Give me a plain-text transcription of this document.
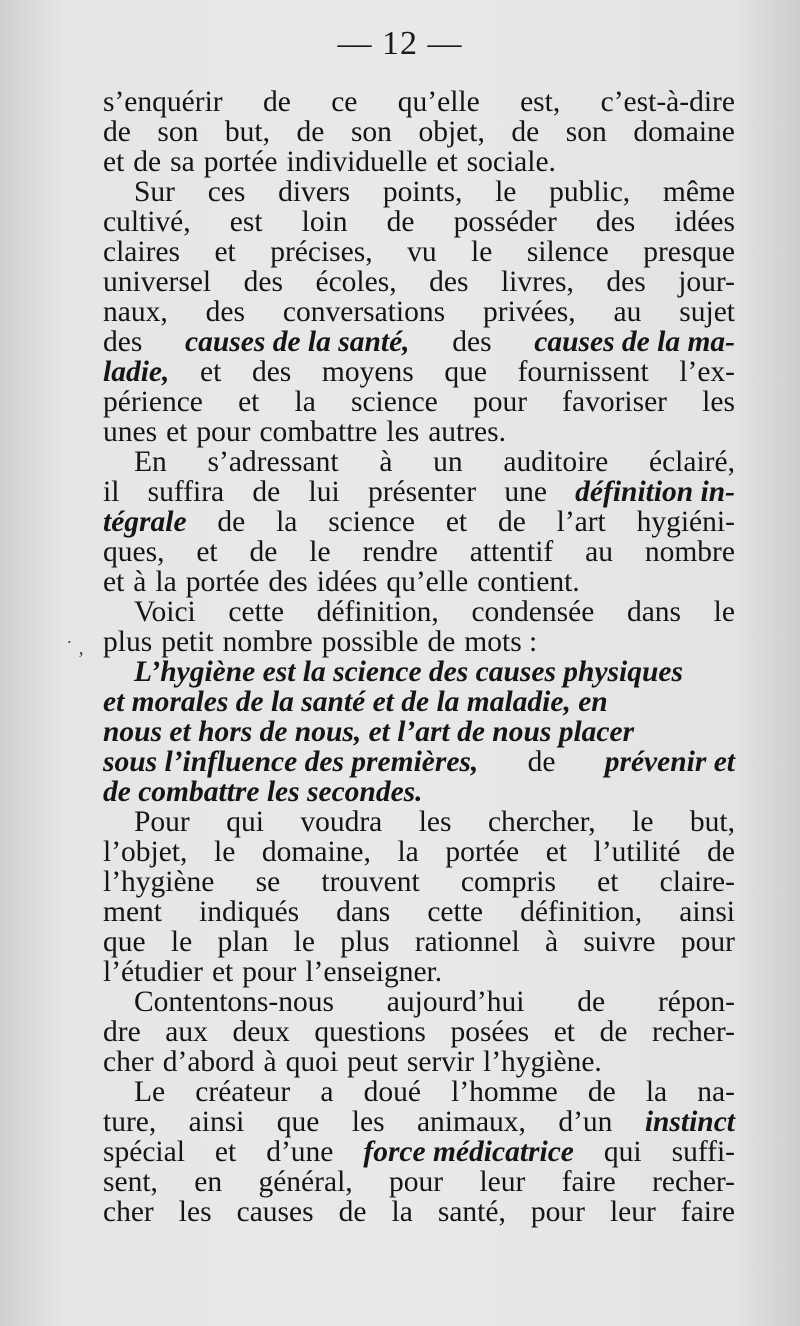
— 12 —
˙ ‚
s’enquérir de ce qu’elle est, c’est-à-dire
de son but, de son objet, de son domaine
et de sa portée individuelle et sociale.
Sur ces divers points, le public, même
cultivé, est loin de posséder des idées
claires et précises, vu le silence presque
universel des écoles, des livres, des jour-
naux, des conversations privées, au sujet
des causes de la santé, des causes de la ma-
ladie, et des moyens que fournissent l’ex-
périence et la science pour favoriser les
unes et pour combattre les autres.
En s’adressant à un auditoire éclairé,
il suffira de lui présenter une définition in-
tégrale de la science et de l’art hygiéni-
ques, et de le rendre attentif au nombre
et à la portée des idées qu’elle contient.
Voici cette définition, condensée dans le
plus petit nombre possible de mots :
L’hygiène est la science des causes physiques
et morales de la santé et de la maladie, en
nous et hors de nous, et l’art de nous placer
sous l’influence des premières, de prévenir et
de combattre les secondes.
Pour qui voudra les chercher, le but,
l’objet, le domaine, la portée et l’utilité de
l’hygiène se trouvent compris et claire-
ment indiqués dans cette définition, ainsi
que le plan le plus rationnel à suivre pour
l’étudier et pour l’enseigner.
Contentons-nous aujourd’hui de répon-
dre aux deux questions posées et de recher-
cher d’abord à quoi peut servir l’hygiène.
Le créateur a doué l’homme de la na-
ture, ainsi que les animaux, d’un instinct
spécial et d’une force médicatrice qui suffi-
sent, en général, pour leur faire recher-
cher les causes de la santé, pour leur faire
